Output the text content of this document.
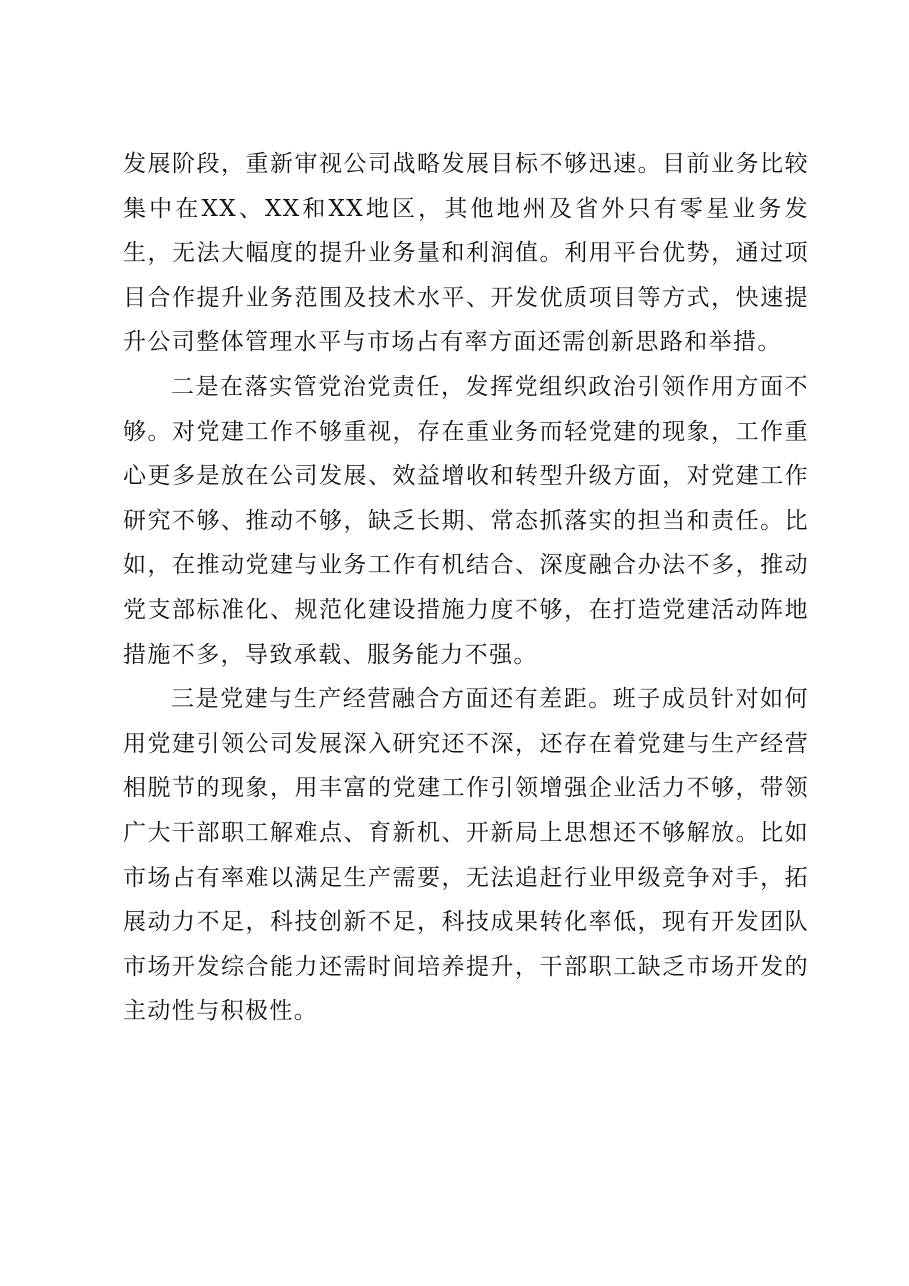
发展阶段，重新审视公司战略发展目标不够迅速。目前业务比较集中在XX、XX和XX地区，其他地州及省外只有零星业务发生，无法大幅度的提升业务量和利润值。利用平台优势，通过项目合作提升业务范围及技术水平、开发优质项目等方式，快速提升公司整体管理水平与市场占有率方面还需创新思路和举措。

二是在落实管党治党责任，发挥党组织政治引领作用方面不够。对党建工作不够重视，存在重业务而轻党建的现象，工作重心更多是放在公司发展、效益增收和转型升级方面，对党建工作研究不够、推动不够，缺乏长期、常态抓落实的担当和责任。比如，在推动党建与业务工作有机结合、深度融合办法不多，推动党支部标准化、规范化建设措施力度不够，在打造党建活动阵地措施不多，导致承载、服务能力不强。

三是党建与生产经营融合方面还有差距。班子成员针对如何用党建引领公司发展深入研究还不深，还存在着党建与生产经营相脱节的现象，用丰富的党建工作引领增强企业活力不够，带领广大干部职工解难点、育新机、开新局上思想还不够解放。比如市场占有率难以满足生产需要，无法追赶行业甲级竞争对手，拓展动力不足，科技创新不足，科技成果转化率低，现有开发团队市场开发综合能力还需时间培养提升，干部职工缺乏市场开发的主动性与积极性。
